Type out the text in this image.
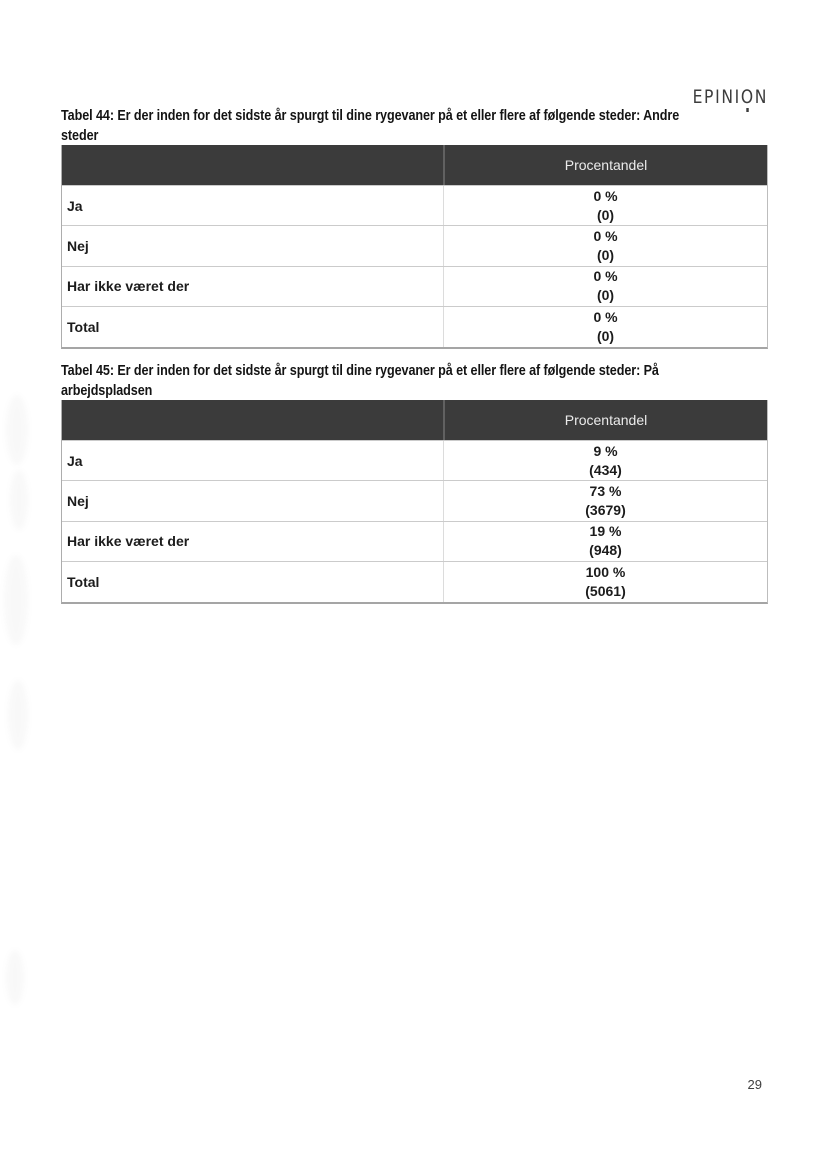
EPINION
Tabel 44: Er der inden for det sidste år spurgt til dine rygevaner på et eller flere af følgende steder: Andre
steder
Procentandel
Ja
0 %
(0)
Nej
0 %
(0)
Har ikke været der
0 %
(0)
Total
0 %
(0)
Tabel 45: Er der inden for det sidste år spurgt til dine rygevaner på et eller flere af følgende steder: På
arbejdspladsen
Procentandel
Ja
9 %
(434)
Nej
73 %
(3679)
Har ikke været der
19 %
(948)
Total
100 %
(5061)
29
